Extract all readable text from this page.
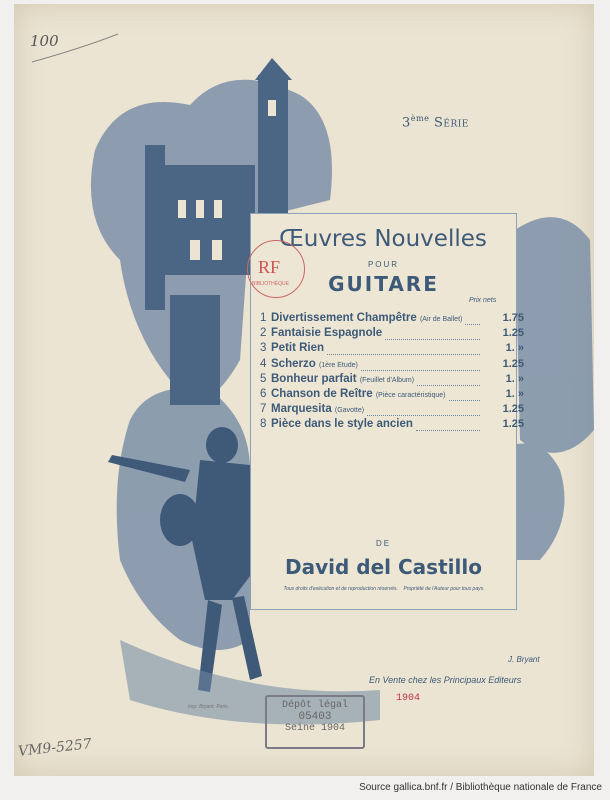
100
3ème Série
Œuvres Nouvelles
POUR
GUITARE
Prix nets
1 Divertissement Champêtre (Air de Ballet)	1.75
2 Fantaisie Espagnole	1.25
3 Petit Rien	1. »
4 Scherzo (1ère Etude)	1.25
5 Bonheur parfait (Feuillet d'Album)	1. »
6 Chanson de Reître (Pièce caractéristique)	1. »
7 Marquesita (Gavotte)	1.25
8 Pièce dans le style ancien	1.25
DE
David del Castillo
Tous droits d'exécution et de reproduction réservés.    Propriété de l'Auteur pour tous pays.
RF
BIBLIOTHÈQUE
J. Bryant
En Vente chez les Principaux Editeurs
1904
Imp. Bryant. Paris.	Dépôt légal
05403
Seine 1904
VM9-5257
Source gallica.bnf.fr / Bibliothèque nationale de France
